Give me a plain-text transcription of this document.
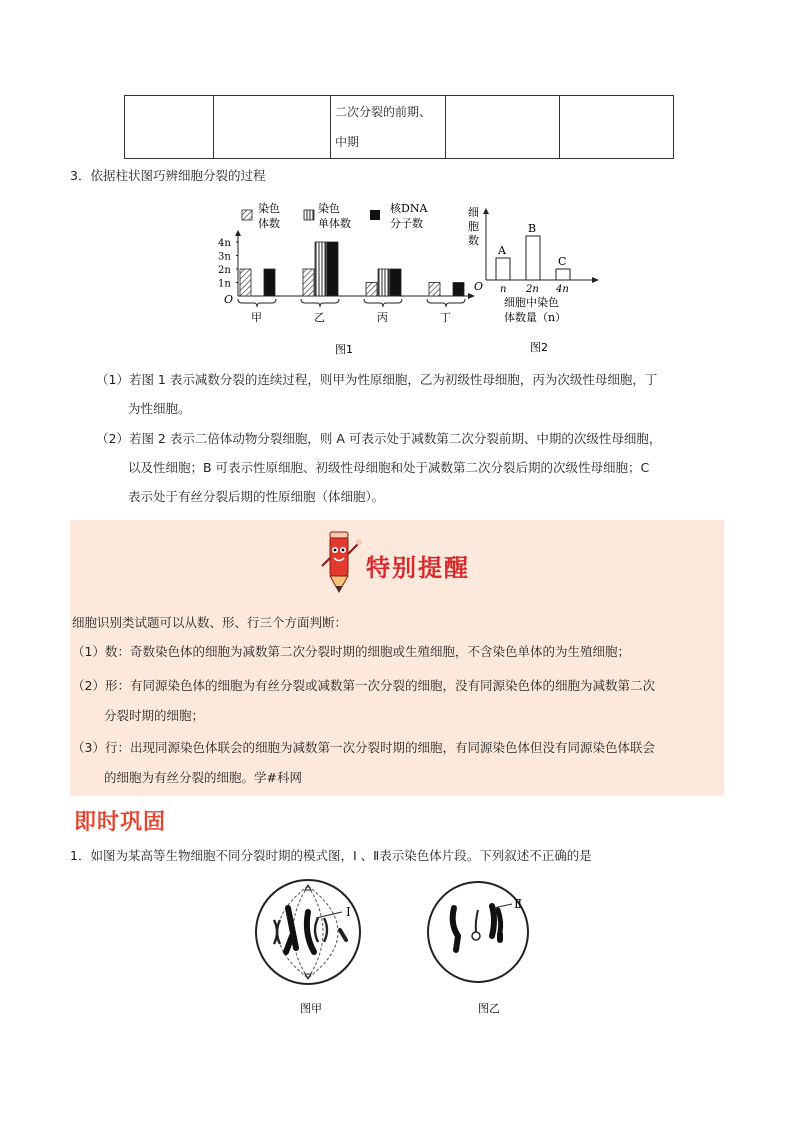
二次分裂的前期、
中期

3．依据柱状图巧辨细胞分裂的过程
染色
体数
染色
单体数
核DNA
分子数
O
4n
3n
2n
1n
甲	乙	丙	丁
图1
细
胞
数
O
A
n
B
2n
C
4n
细胞中染色
体数量（n）
图2
（1）若图 1 表示减数分裂的连续过程，则甲为性原细胞，乙为初级性母细胞，丙为次级性母细胞，丁
为性细胞。
（2）若图 2 表示二倍体动物分裂细胞，则 A 可表示处于减数第二次分裂前期、中期的次级性母细胞，
以及性细胞；B 可表示性原细胞、初级性母细胞和处于减数第二次分裂后期的次级性母细胞；C
表示处于有丝分裂后期的性原细胞（体细胞）。
特别提醒
细胞识别类试题可以从数、形、行三个方面判断：
（1）数：奇数染色体的细胞为减数第二次分裂时期的细胞或生殖细胞，不含染色单体的为生殖细胞；
（2）形：有同源染色体的细胞为有丝分裂或减数第一次分裂的细胞，没有同源染色体的细胞为减数第二次
分裂时期的细胞；
（3）行：出现同源染色体联会的细胞为减数第一次分裂时期的细胞，有同源染色体但没有同源染色体联会
的细胞为有丝分裂的细胞。学#科网
即时巩固
1．如图为某高等生物细胞不同分裂时期的模式图，Ⅰ 、Ⅱ表示染色体片段。下列叙述不正确的是
Ⅰ
图甲
Ⅱ
图乙
